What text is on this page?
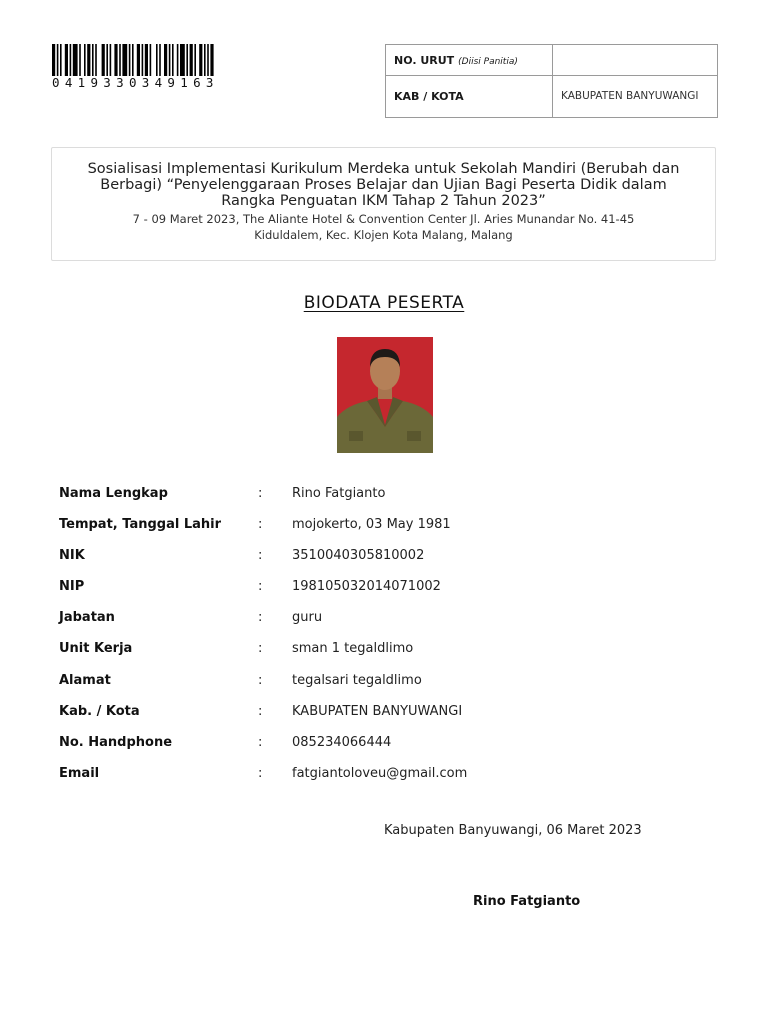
0419330349163
NO. URUT (Diisi Panitia)	
KAB / KOTA	KABUPATEN BANYUWANGI
Sosialisasi Implementasi Kurikulum Merdeka untuk Sekolah Mandiri (Berubah dan Berbagi) “Penyelenggaraan Proses Belajar dan Ujian Bagi Peserta Didik dalam Rangka Penguatan IKM Tahap 2 Tahun 2023”
7 - 09 Maret 2023, The Aliante Hotel & Convention Center Jl. Aries Munandar No. 41-45 Kiduldalem, Kec. Klojen Kota Malang, Malang
BIODATA PESERTA
Nama Lengkap	: Rino Fatgianto
Tempat, Tanggal Lahir	: mojokerto, 03 May 1981
NIK	: 3510040305810002
NIP	: 198105032014071002
Jabatan	: guru
Unit Kerja	: sman 1 tegaldlimo
Alamat	: tegalsari tegaldlimo
Kab. / Kota	: KABUPATEN BANYUWANGI
No. Handphone	: 085234066444
Email	: fatgiantoloveu@gmail.com
Kabupaten Banyuwangi, 06 Maret 2023
Rino Fatgianto
